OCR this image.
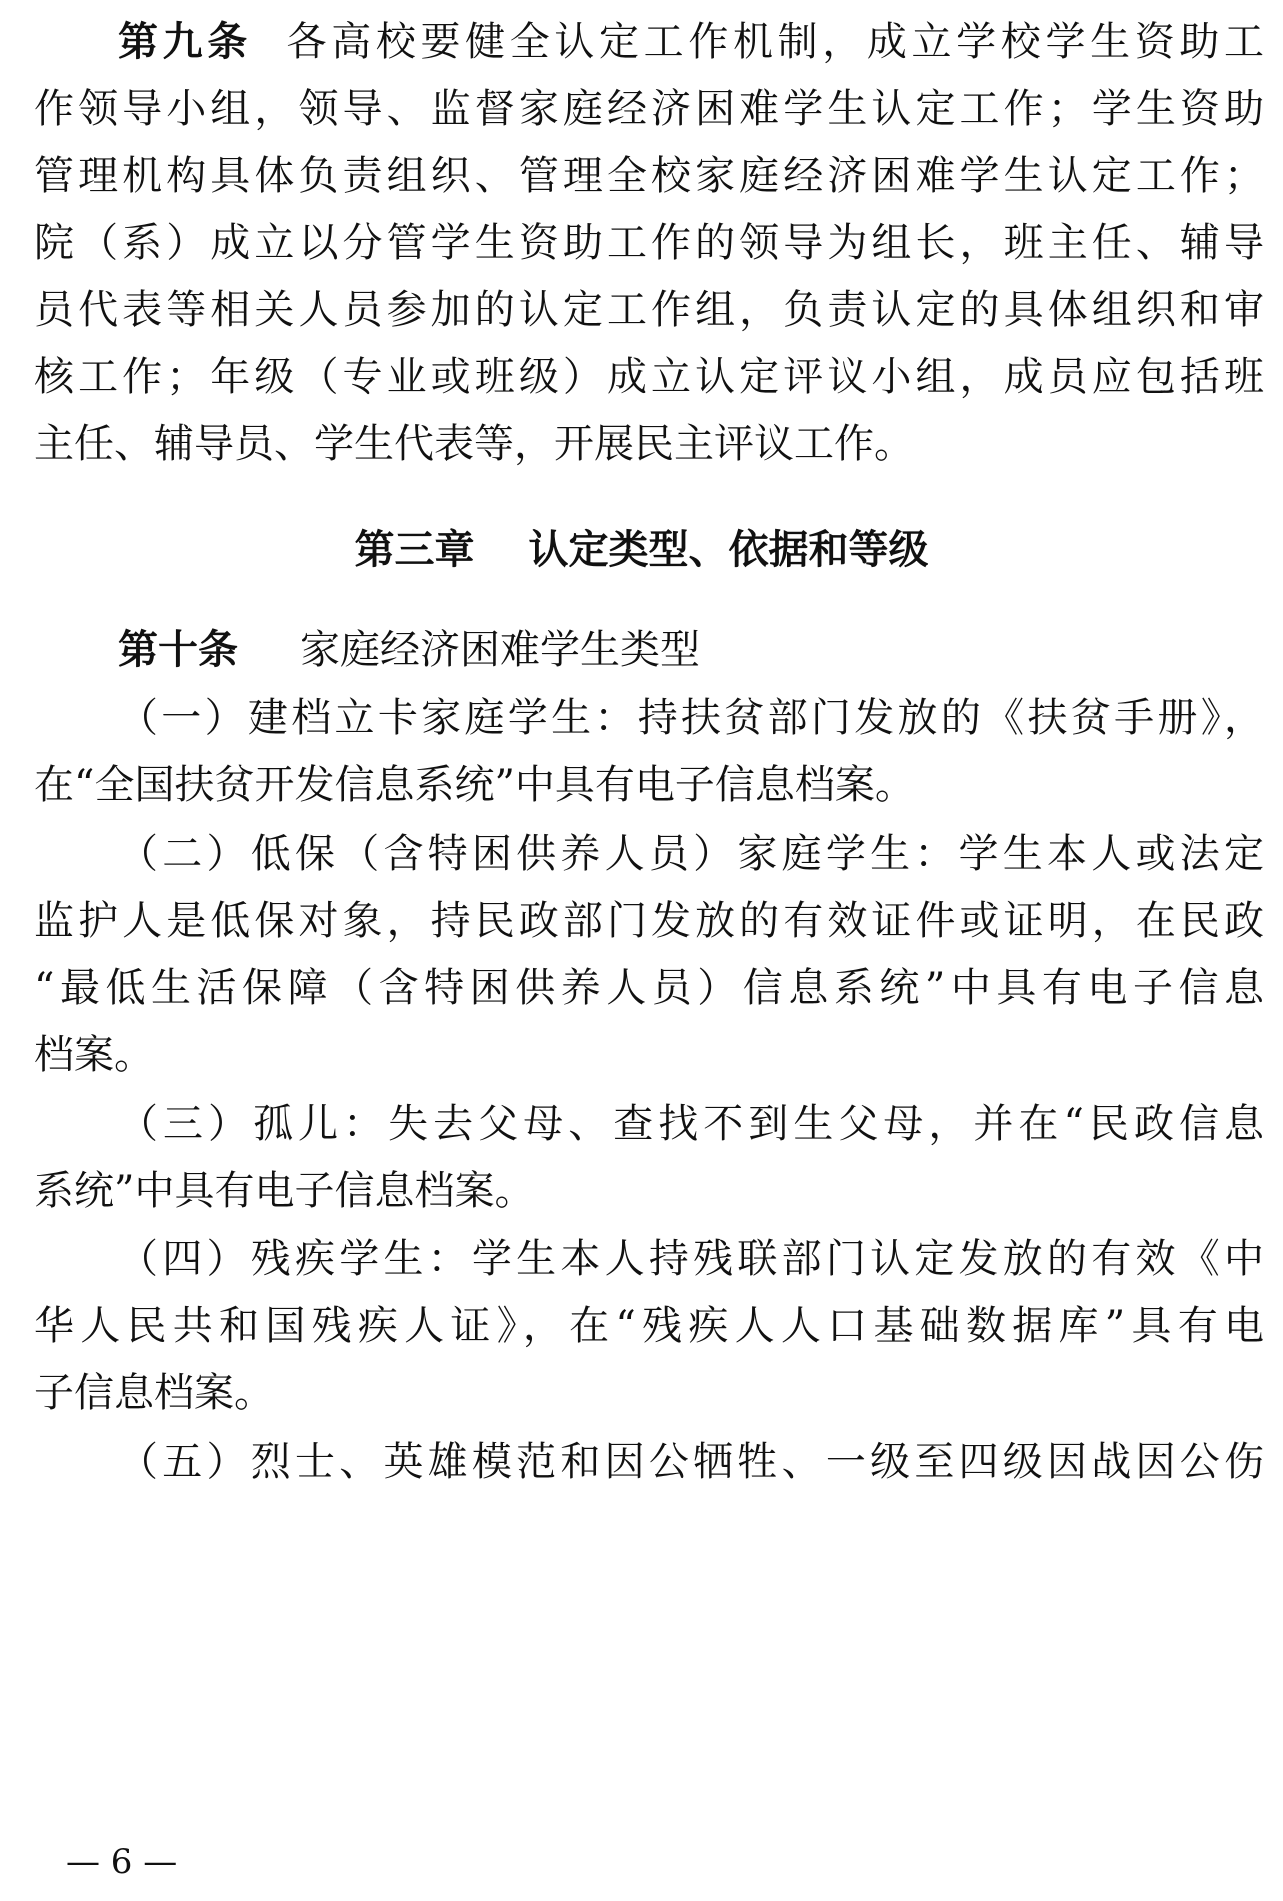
第九条 各高校要健全认定工作机制，成立学校学生资助工
作领导小组，领导、监督家庭经济困难学生认定工作；学生资助
管理机构具体负责组织、管理全校家庭经济困难学生认定工作；
院（系）成立以分管学生资助工作的领导为组长，班主任、辅导
员代表等相关人员参加的认定工作组，负责认定的具体组织和审
核工作；年级（专业或班级）成立认定评议小组，成员应包括班
主任、辅导员、学生代表等，开展民主评议工作。
第三章　 认定类型、依据和等级
第十条 家庭经济困难学生类型
（一）建档立卡家庭学生：持扶贫部门发放的《扶贫手册》，
在“全国扶贫开发信息系统”中具有电子信息档案。
（二）低保（含特困供养人员）家庭学生：学生本人或法定
监护人是低保对象，持民政部门发放的有效证件或证明，在民政
“最低生活保障（含特困供养人员）信息系统”中具有电子信息
档案。
（三）孤儿：失去父母、查找不到生父母，并在“民政信息
系统”中具有电子信息档案。
（四）残疾学生：学生本人持残联部门认定发放的有效《中
华人民共和国残疾人证》，在“残疾人人口基础数据库”具有电
子信息档案。
（五）烈士、英雄模范和因公牺牲、一级至四级因战因公伤
— 6 —
